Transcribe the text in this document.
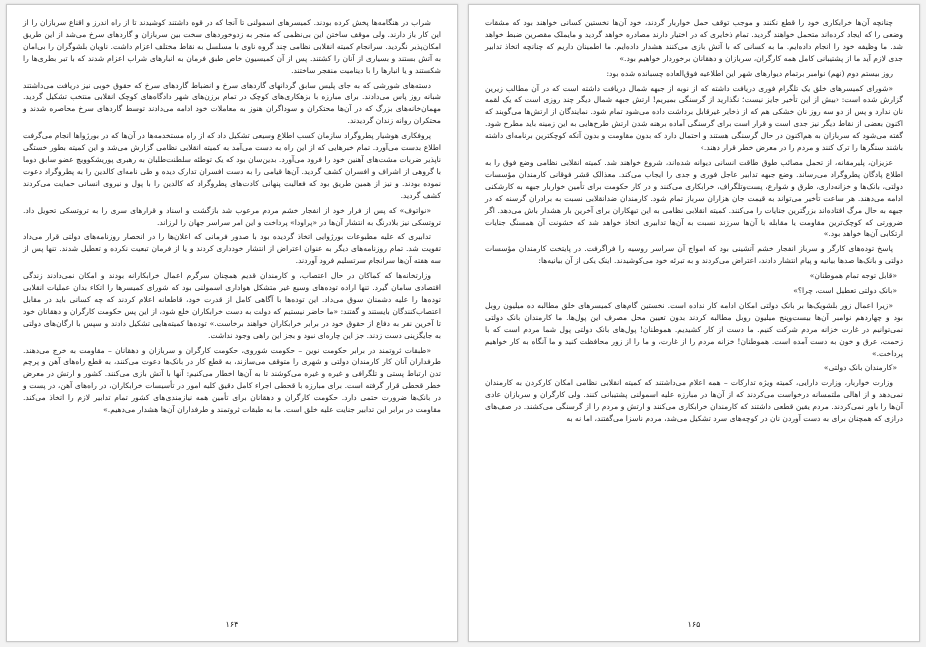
شراب در هنگامه‌ها پخش کرده بودند. کمیسرهای اسمولنی تا آنجا که در قوه داشتند کوشیدند تا از راه اندرز و اقناع سربازان را از این کار باز دارند. ولی موقف ساختن این بی‌نظمی که منجر به زدوخوردهای سخت بین سربازان و گاردهای سرخ می‌شد از این طریق امکان‌پذیر نگردید. سرانجام کمیته انقلابی نظامی چند گروه ناوی با مسلسل به نقاط مختلف اعزام داشت. ناویان بلشوگران را بی‌امان به آتش بستند و بسیاری از آنان را کشتند. پس از آن کمیسیون خاص طبق فرمان به انبارهای شراب اعزام شدند که با تبر بطری‌ها را شکستند و یا انبارها را با دینامیت منفجر ساختند.

دسته‌های شورشی که به جای پلیس سابق گردانهای گاردهای سرخ و انضباط گاردهای سرخ که حقوق خوبی نیز دریافت می‌داشتند شبانه روز پاس می‌دادند. برای مبارزه با بزهکاری‌های کوچک در تمام برزن‌های شهر دادگاه‌های کوچک انقلابی منتخب تشکیل گردید. مهمان‌خانه‌های بزرگ که در آن‌ها محتکران و سوداگران هنوز به معاملات خود ادامه می‌دادند توسط گاردهای سرخ محاصره شدند و محتکران روانه زندان گردیدند.

پروفکاری هوشیار پطروگراد سازمان کسب اطلاع وسیعی تشکیل داد که از راه مستخدمه‌ها در آن‌ها که در بورژواها انجام می‌گرفت اطلاع بدست می‌آورد. تمام خبرهایی که از این راه به دست می‌آمد به کمیته انقلابی نظامی گزارش می‌شد و این کمیته بطور خستگی ناپذیر ضربات مشت‌های آهنین خود را فرود می‌آورد. بدین‌سان بود که یک توطئه سلطنت‌طلبان به رهبری پوریشکوویچ عضو سابق دوما با گروهی از اشراف و افسران کشف گردید. آن‌ها قیامی را به دست افسران تدارک دیده و طی نامه‌ای کالدین را به پطروگراد دعوت نموده بودند. و نیز از همین طریق بود که فعالیت پنهانی کادت‌های پطروگراد که کالدین را با پول و نیروی انسانی حمایت می‌کردند کشف گردید.

«نواتوف» که پس از فرار خود از انفجار خشم مردم مرعوب شد بازگشت و اسناد و قرارهای سری را به تروتسکی تحویل داد. تروتسکی نیز بلادرنگ به انتشار آن‌ها در «پراودا» پرداخت و این امر سراسر جهان را لرزاند.

تدابیری که علیه مطبوعات بورژوایی اتخاذ گردیده بود با صدور فرمانی که اعلان‌ها را در انحصار روزنامه‌های دولتی قرار می‌داد تقویت شد. تمام روزنامه‌های دیگر به عنوان اعتراض از انتشار خودداری کردند و یا از فرمان تبعیت نکرده و تعطیل شدند. تنها پس از سه هفته آن‌ها سرانجام سرتسلیم فرود آوردند.

وزارتخانه‌ها که کماکان در حال اعتصاب، و کارمندان قدیم همچنان سرگرم اعمال خرابکارانه بودند و امکان نمی‌دادند زندگی اقتصادی سامان گیرد. تنها اراده توده‌های وسیع غیر متشکل هواداری اسمولنی بود که شورای کمیسرها را اتکاء بدان عملیات انقلابی توده‌ها را علیه دشمنان سوق می‌داد. این توده‌ها با آگاهی کامل از قدرت خود، قاطعانه اعلام کردند که چه کسانی باید در مقابل اعتصاب‌کنندگان بایستند و گفتند: «ما حاضر نیستیم که دولت به دست خرابکاران خلع شود، از این پس حکومت کارگران و دهقانان خود تا آخرین نفر به دفاع از حقوق خود در برابر خرابکاران خواهند برخاست.» توده‌ها کمیته‌هایی تشکیل دادند و سپس با ارگان‌های دولتی به جایگزینی دست زدند. جز این چاره‌ای نبود و بجز این راهی وجود نداشت.

«طبقات ثروتمند در برابر حکومت نوین – حکومت شوروی، حکومت کارگران و سربازان و دهقانان – مقاومت به خرج می‌دهند. طرفداران آنان کار کارمندان دولتی و شهری را متوقف می‌سازند، به قطع کار در بانک‌ها دعوت می‌کنند، به قطع راه‌های آهن و پرچم تدن ارتباط پستی و تلگرافی و غیره و غیره می‌کوشند تا به آن‌ها اخطار می‌کنیم: آنها با آتش بازی می‌کنند. کشور و ارتش در معرض خطر قحطی قرار گرفته است. برای مبارزه با قحطی اجراء کامل دقیق کلیه امور در تأسیسات خرابکاران، در راه‌های آهن، در پست و در بانک‌ها ضرورت حتمی دارد. حکومت کارگران و دهقانان برای تأمین همه نیازمندی‌های کشور تمام تدابیر لازم را اتخاذ می‌کند. مقاومت در برابر این تدابیر جنایت علیه خلق است. ما به طبقات ثروتمند و طرفداران آن‌ها هشدار می‌دهیم.»

۱۶۴

چنانچه آن‌ها خرابکاری خود را قطع نکنند و موجب توقف حمل خواربار گردند، خود آن‌ها نخستین کسانی خواهند بود که مشقات وضعی را که ایجاد کرده‌اند متحمل خواهند گردید. تمام ذخایری که در اختیار دارند مصادره خواهد گردید و مایملک مقصرین ضبط خواهد شد. ما وظیفه خود را انجام داده‌ایم. ما به کسانی که با آتش بازی می‌کنند هشدار داده‌ایم. ما اطمینان داریم که چنانچه اتخاذ تدابیر جدی لازم آید ما از پشتیبانی کامل همه کارگران، سربازان و دهقانان برخوردار خواهیم بود.»

روز بیستم دوم (نهم) نوامبر برتمام دیوارهای شهر این اطلاعیه فوق‌العاده چسبانده شده بود:

«شورای کمیسرهای خلق یک تلگرام فوری دریافت داشته که از نوبه از جبهه شمال دریافت داشته است که در آن مطالب زیرین گزارش شده است: ‹بیش از این تأخیر جایز نیست؛ نگذارید از گرسنگی بمیریم! ارتش جبهه شمال دیگر چند روزی است که یک لقمه نان ندارد و پس از دو سه روز نان خشکی هم که از ذخایر غیرقابل برداشت داده می‌شود تمام شود. نمایندگان از ارتش‌ها می‌گویند که اکنون بعضی از نقاط دیگر نیز جدی است و قرار است برای گرسنگی آماده برهنه شدن ارتش طرح‌هایی به این زمینه باید مطرح شود. گفته می‌شود که سربازان به هم‌اکنون در حال گرسنگی هستند و احتمال دارد که بدون مقاومت و بدون آنکه کوچکترین برنامه‌ای داشته باشند سنگرها را ترک کنند و مردم را در معرض خطر قرار دهند.›

عزیزان، پلیرمقانه، از تحمل مصائب طوق طاقت انسانی دیوانه شده‌اند، شروع خواهند شد. کمیته انقلابی نظامی وضع فوق را به اطلاع پادگان پطروگراد می‌رساند. وضع جبهه تدابیر عاجل فوری و جدی را ایجاب می‌کند. معذالک قشر فوقانی کارمندان مؤسسات دولتی، بانک‌ها و خزانه‌داری، طرق و شوارع، پست‌وتلگراف، خرابکاری می‌کنند و در کار حکومت برای تأمین خواربار جبهه به کارشکنی ادامه می‌دهند. هر ساعت تأخیر می‌تواند به قیمت جان هزاران سرباز تمام شود. کارمندان ضدانقلابی نسبت به برادران گرسنه که در جبهه به حال مرگ افتاده‌اند بزرگترین جنایات را می‌کنند. کمیته انقلابی نظامی به این تبهکاران برای آخرین بار هشدار باش می‌دهد. اگر ضرورتی که کوچک‌ترین مقاومت یا مقابله با آن‌ها سرزند نسبت به آن‌ها تدابیری اتخاذ خواهد شد که خشونت آن همسنگ جنایات ارتکابی آن‌ها خواهد بود.»

پاسخ توده‌های کارگر و سرباز انفجار خشم آتشینی بود که امواج آن سراسر روسیه را فراگرفت. در پایتخت کارمندان مؤسسات دولتی و بانک‌ها صدها بیانیه و پیام انتشار دادند، اعتراض می‌کردند و به تبرئه خود می‌کوشیدند. اینک یکی از آن بیانیه‌ها:

«قابل توجه تمام هموطنان»

«بانک دولتی تعطیل است، چرا؟»

«زیرا اعمال زور بلشویک‌ها بر بانک دولتی امکان ادامه کار نداده است. نخستین گام‌های کمیسرهای خلق مطالبه ده میلیون روبل بود و چهاردهم نوامبر آن‌ها بیست‌وپنج میلیون روبل مطالبه کردند بدون تعیین محل مصرف این پول‌ها. ما کارمندان بانک دولتی نمی‌توانیم در غارت خزانه مردم شرکت کنیم. ما دست از کار کشیدیم. هموطنان! پول‌های بانک دولتی پول شما مردم است که با زحمت، عرق و خون به دست آمده است. هموطنان! خزانه مردم را از غارت، و ما را از زور محافظت کنید و ما آنگاه به کار خواهیم پرداخت.»

«کارمندان بانک دولتی»

وزارت خواربار، وزارت دارایی، کمیته ویژه تدارکات – همه اعلام می‌داشتند که کمیته انقلابی نظامی امکان کارکردن به کارمندان نمی‌دهد و از اهالی ملتمسانه درخواست می‌کردند که از آن‌ها در مبارزه علیه اسمولنی پشتیبانی کنند. ولی کارگران و سربازان عادی آن‌ها را باور نمی‌کردند. مردم یقین قطعی داشتند که کارمندان خرابکاری می‌کنند و ارتش و مردم را از گرسنگی می‌کشند. در صف‌های درازی که همچنان برای به دست آوردن نان در کوچه‌های سرد تشکیل می‌شد، مردم ناسزا می‌گفتند، اما نه به

۱۶۵
